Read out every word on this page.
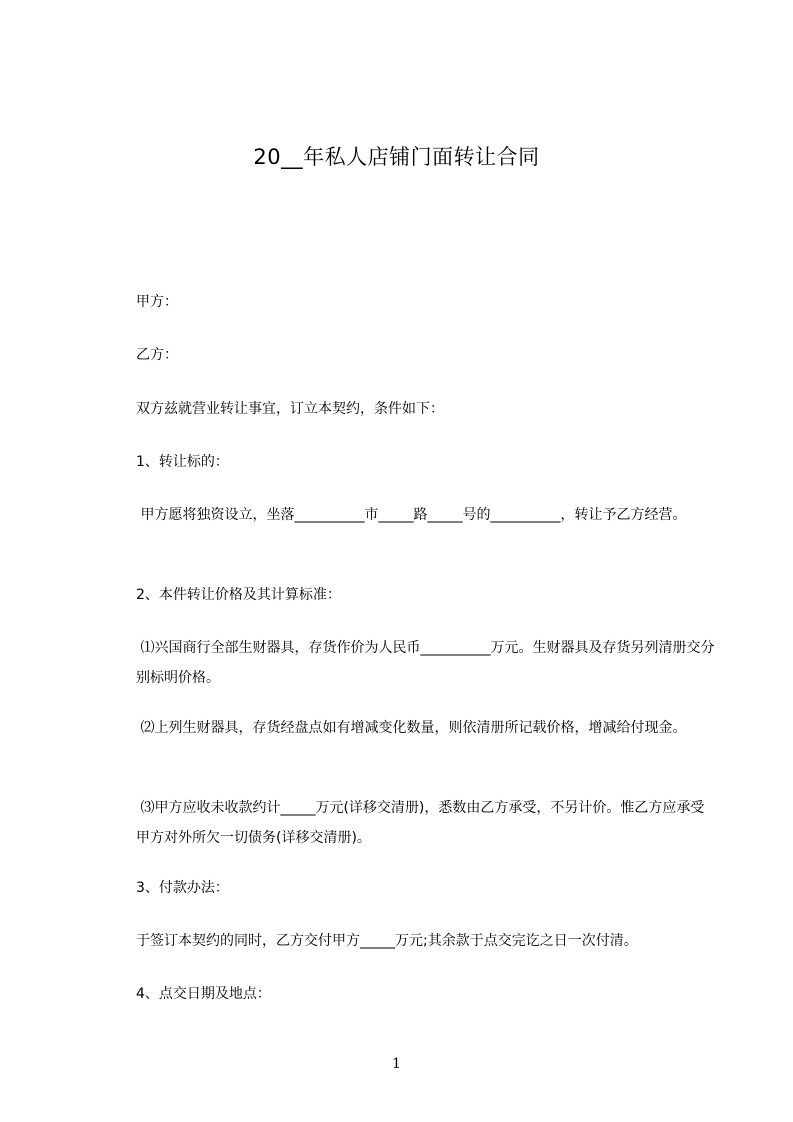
20__年私人店铺门面转让合同

甲方：

乙方：

双方兹就营业转让事宜，订立本契约，条件如下：

1、转让标的：

甲方愿将独资设立，坐落__________市_____路_____号的__________，转让予乙方经营。

2、本件转让价格及其计算标准：

⑴兴国商行全部生财器具，存货作价为人民币__________万元。生财器具及存货另列清册交分别标明价格。

⑵上列生财器具，存货经盘点如有增减变化数量，则依清册所记载价格，增减给付现金。

⑶甲方应收未收款约计_____万元(详移交清册)，悉数由乙方承受，不另计价。惟乙方应承受甲方对外所欠一切债务(详移交清册)。

3、付款办法：

于签订本契约的同时，乙方交付甲方_____万元;其余款于点交完讫之日一次付清。

4、点交日期及地点：

1
